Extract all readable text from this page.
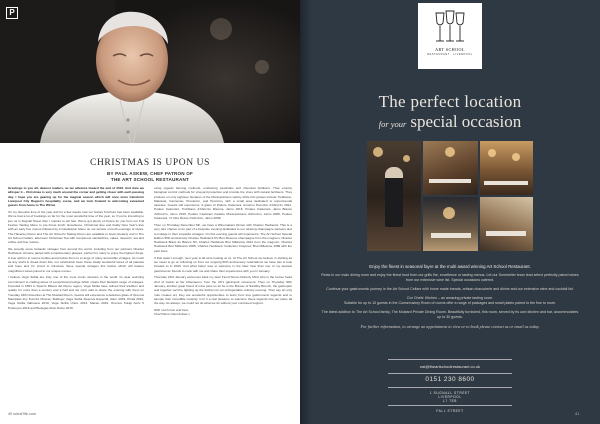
P
CHRISTMAS IS UPON US
BY PAUL ASKEW, CHEF PATRON OF
THE ART SCHOOL RESTAURANT

Greetings to you all, dearest readers, as we advance toward the end of 2024. And dare we whisper it – Christmas is very much around the corner and getting closer with each passing day. I hope you are gearing up for the magical season which will once more transform Liverpool City Region's hospitality scene, and we look forward to welcoming esteemed guests from home to The Wirral.

It's my favourite time of the year and for a few weeks now our festive brochure has been available. We've had a lot of bookings so far for the most wonderful time of the year, so if you're intending to join us in Sugnall Street then I implore to act fast. We've got plenty of choice for you from our Full Festive Tasting Menu to pre-Xmas lunch: Excellence, Christmas Eve and finally New Year's Eve with an early five menus followed by a Celebration Menu on our terrace on both evenings of styles. The Haverley Room and The Art School's Tasting Room are available to book privately and in The Art School Cellars, afternoon Christmas Tea with sumptuous sandwiches, cakes, desserts, tea and coffee and fine cuisine.

We proudly serve fantastic vintages from around the world, including from our partners Charles Heidsieck. All wine paired with complimentary glasses, perfect for many to enjoy the highest dregs. A true spirit is to source bottles and provide them to a range of many accessible vintages. As much as any world in dread down this, our celebration been these totally wonderful wines of all palettes and hues and I'm proud to introduce these special vintages this festive which will feature magnificent wines joined to our unique menus.

I believe Vega Sicilia are truly one of the most iconic wineries in the world. Its dear enduring commitment to crafting wines of exceptional prestige which create their fantastic range of vintages. Founded in 1864 in Spain's Ribera del Duero region, Vega Sicilia have refined their tradition and quality for more than a century and a half and we can't wait to share the evening with them on Tuesday 19th November at The Mustard Room. Guests will experience a delicious glass of Oremus Mandolás Dry Furmint Muscat, Bollinger Vega Sicilia Reserva Especial, Alion 2019, Pintia 2016, Vega Sicilia Valbuena 2019, Vega Sicilia Único 2013, Macan 2019, Oremus Tokaji Aszú 5 Puttonyos 2016 and Bodegas Alion Dulce 2016.

using organic farming methods, embracing pesticides and chemical fertilisers. They employ biological control methods for vineyard protection and provide the vines with natural fertilisers. They produce on only eighteen hectares of the Montepulciano variety while rich grapes include Trebbiano, Malvasia, Cannonau, Procanico, and Pecorino, with a small area dedicated to experimental varieties. Guests will experience: A glass of Podere Castorani, Amorino Pecorino d'Abruzzo 2021, Podere Castorani, Trebbiano d'Abruzzo Riserva, Jarno 2016, Podere Castorani, Jarno Bianco d'Abruzzo, Jarno 2016, Podere Castorani Cadetto Montepulciano d'Abruzzo, Jarno 2008, Podere Castorani, 'O' Dire Rosso d'Abruzzo, Jarno 2008.

Then on Thursday December 5th, we have a Winemakers Dinner with Charles Heidsieck. This is a very rare chance to be part of a bespoke evening dedicated to our relaxing champagne partners and to indulge in their exquisite vintages. On this evening guests will experience: The Art School Special Edition 50th Anniversary Charles Heidsieck NV Brut Reserve champagne from the magnum, Charles Heidsieck Blanc de Blancs NV, Charles Heidsieck Brut Millésimé 2012 from the magnum, Charles Heidsieck Brut Millésimé 2005, Charles Heidsieck 'Collection Crayères' Brut Millésime 1989 with the petit fours.

If that wasn't enough, next year is all wine looking at us. At The Art School we believe in starting as we mean to go on following on from our ongoing 50th anniversary celebrations we have lots to look forward to in 2025. And what better way to welcome in the New Year than one of my dearest gastronomic friends to cook with me and share their experiences with you in January.

Thursday 23rd January welcomes back my dear friend Simon Doherty MCA who is the former head chef of Galvin at the Athenaeum, from the UK's gastropub movement. Then on Thursday 30th January, another great friend of mine joins us as he is the Brewer of Sandley Brunch, the gastropub and together we'll be lighting up the kitchen for an unforgettable culinary evening. They say an only man creates art, they are wonderful opportunities to learn from true gastronomic legends and to sample their incredible cooking. Isn't it a real pleasure to welcome these legends into our place all the way. As always, we could not do what we do without your continued support.

With much love and best,

Chef Patron Paul Askew x

40 wirral'life.com
ART SCHOOL
RESTAURANT · LIVERPOOL
The perfect location
for your special occasion

Enjoy the finest in seasonal fayre at the multi award winning Art School Restaurant.

Relax in our main dining room and enjoy the finest food from our grills fire, excellence or tasting menus. Let our Sommelier team lead select perfectly paired wines from our extensive wine list. Special occasions catered.

Continue your gastronomic journey in the Art School Cellars with home made breads, artisan charcuterie and divine and our extensive wine and cocktail list.

Our Chefs' Kitchen – an amazing private tasting room.

Suitable for up to 10 guests in the Conservatory Room of rooms offer a range of packages and small plates paired to the fine to more.

The latest addition to The Art School family, The Mustard Private Dining Room. Beautifully furnished, this room, served by its own kitchen and bar, accommodates up to 30 guests.

For further information, to arrange an appointment to view or to book please contact us or email us today.

eat@theartschoolrestaurant.co.uk
0151 230 8600
1 SUGNALL STREET
LIVERPOOL
L7 7EB
FALL STREET
41
